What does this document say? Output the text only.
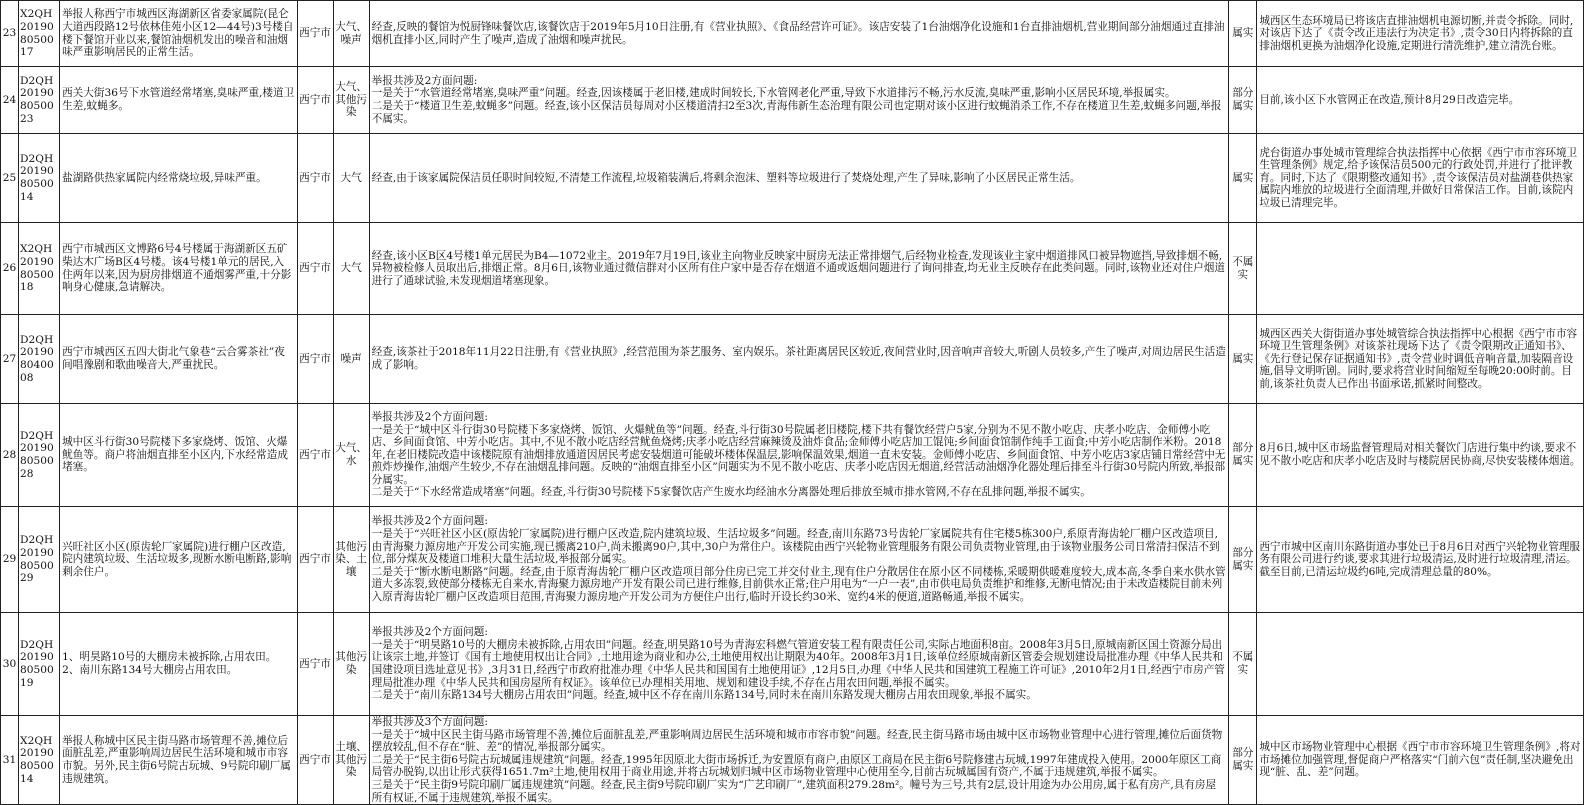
23	X2QH201908050017	举报人称西宁市城西区海湖新区省委家属院(昆仑大道西段路12号依林佳苑小区12—44号)3号楼自楼下餐馆开业以来,餐馆油烟机发出的噪音和油烟味严重影响居民的正常生活。	西宁市	大气、噪声	经查,反映的餐馆为悦厨锋味餐饮店,该餐饮店于2019年5月10日注册,有《营业执照》、《食品经营许可证》。该店安装了1台油烟净化设施和1台直排油烟机,营业期间部分油烟通过直排油烟机直排小区,同时产生了噪声,造成了油烟和噪声扰民。	属实	城西区生态环境局已将该店直排油烟机电源切断,并责令拆除。同时,对该店下达了《责令改正违法行为决定书》,责令30日内将拆除的直排油烟机更换为油烟净化设施,定期进行清洗维护,建立清洗台账。
24	D2QH201908050023	西关大街36号下水管道经常堵塞,臭味严重,楼道卫生差,蚊蝇多。	西宁市	大气、其他污染	举报共涉及2方面问题:
一是关于“水管道经常堵塞,臭味严重”问题。经查,因该楼属于老旧楼,建成时间较长,下水管网老化严重,导致下水道排污不畅,污水反流,臭味严重,影响小区居民环境,举报属实。
二是关于“楼道卫生差,蚊蝇多”问题。经查,该小区保洁员每周对小区楼道清扫2至3次,青海伟新生态治理有限公司也定期对该小区进行蚊蝇消杀工作,不存在楼道卫生差,蚊蝇多问题,举报不属实。	部分属实	目前,该小区下水管网正在改造,预计8月29日改造完毕。
25	D2QH201908050014	盐湖路供热家属院内经常烧垃圾,异味严重。	西宁市	大气	经查,由于该家属院保洁员任职时间较短,不清楚工作流程,垃圾箱装满后,将剩余泡沫、塑料等垃圾进行了焚烧处理,产生了异味,影响了小区居民正常生活。	属实	虎台街道办事处城市管理综合执法指挥中心依据《西宁市市容环境卫生管理条例》规定,给予该保洁员500元的行政处罚,并进行了批评教育。同时,下达了《限期整改通知书》,责令该保洁员对盐湖巷供热家属院内堆放的垃圾进行全面清理,并做好日常保洁工作。目前,该院内垃圾已清理完毕。
26	X2QH201908050018	西宁市城西区文博路6号4号楼属于海湖新区五矿柴达木广场B区4号楼。该4号楼1单元的居民,入住两年以来,因为厨房排烟道不通烟雾严重,十分影响身心健康,急请解决。	西宁市	大气	经查,该小区B区4号楼1单元居民为B4—1072业主。2019年7月19日,该业主向物业反映家中厨房无法正常排烟气,后经物业检查,发现该业主家中烟道排风口被异物遮挡,导致排烟不畅,异物被检修人员取出后,排烟正常。8月6日,该物业通过微信群对小区所有住户家中是否存在烟道不通或返烟问题进行了询问排查,均无业主反映存在此类问题。同时,该物业还对住户烟道进行了通球试验,未发现烟道堵塞现象。	不属实	
27	D2QH201908040008	西宁市城西区五四大街北气象巷“云合雾茶社”夜间唱豫剧和歌曲噪音大,严重扰民。	西宁市	噪声	经查,该茶社于2018年11月22日注册,有《营业执照》,经营范围为茶艺服务、室内娱乐。茶社距离居民区较近,夜间营业时,因音响声音较大,听剧人员较多,产生了噪声,对周边居民生活造成了影响。	属实	城西区西关大街街道办事处城管综合执法指挥中心根据《西宁市市容环境卫生管理条例》对该茶社现场下达了《责令限期改正通知书》、《先行登记保存证据通知书》,责令营业时调低音响音量,加装隔音设施,倡导文明听剧。同时,要求将营业时间缩短至每晚20:00时前。目前,该茶社负责人已作出书面承诺,抓紧时间整改。
28	D2QH201908050028	城中区斗行街30号院楼下多家烧烤、饭馆、火爆鱿鱼等。商户将油烟直排至小区内,下水经常造成堵塞。	西宁市	大气、水	举报共涉及2个方面问题:
一是关于“城中区斗行街30号院楼下多家烧烤、饭馆、火爆鱿鱼等”问题。经查,斗行街30号院属老旧楼院,楼下共有餐饮经营户5家,分别为不见不散小吃店、庆孝小吃店、金师傅小吃店、乡间面食馆、中芳小吃店。其中,不见不散小吃店经营鱿鱼烧烤;庆孝小吃店经营麻辣烫及油炸食品;金师傅小吃店加工馄饨;乡间面食馆制作纯手工面食;中芳小吃店制作米粉。2018年,在老旧楼院改造中该楼院原有油烟排放通道因居民考虑安装烟道可能破坏楼体保温层,影响保温效果,烟道一直未安装。金师傅小吃店、乡间面食馆、中芳小吃店3家店铺日常经营中无煎炸炒操作,油烟产生较少,不存在油烟乱排问题。反映的“油烟直排至小区”问题实为不见不散小吃店、庆孝小吃店因无烟道,经营活动油烟净化器处理后排至斗行街30号院内所致,举报部分属实。
二是关于“下水经常造成堵塞”问题。经查,斗行街30号院楼下5家餐饮店产生废水均经油水分离器处理后排放至城市排水管网,不存在乱排问题,举报不属实。	部分属实	8月6日,城中区市场监督管理局对相关餐饮门店进行集中约谈,要求不见不散小吃店和庆孝小吃店及时与楼院居民协商,尽快安装楼体烟道。
29	D2QH201908050029	兴旺社区小区(原齿轮厂家属院)进行棚户区改造,院内建筑垃圾、生活垃圾多,现断水断电断路,影响剩余住户。	西宁市	其他污染、土壤	举报共涉及2个方面问题:
一是关于“兴旺社区小区(原齿轮厂家属院)进行棚户区改造,院内建筑垃圾、生活垃圾多”问题。经查,南川东路73号齿轮厂家属院共有住宅楼5栋300户,系原青海齿轮厂棚户区改造项目,由青海聚力源房地产开发公司实施,现已搬离210户,尚未搬离90户,其中,30户为常住户。该楼院由西宁兴轮物业管理服务有限公司负责物业管理,由于该物业服务公司日常清扫保洁不到位,部分煤灰及楼道口堆积大量生活垃圾,举报部分属实。
二是关于“断水断电断路”问题。经查,由于原青海齿轮厂棚户区改造项目部分住房已完工并交付业主,现有住户分散居住在原小区不同楼栋,采暖期供暖难度较大,成本高,冬季自来水供水管道大多冻裂,致使部分楼栋无自来水,青海聚力源房地产开发有限公司已进行维修,目前供水正常;住户用电为“一户一表”,由市供电局负责维护和维修,无断电情况;由于未改造楼院目前未列入原青海齿轮厂棚户区改造项目范围,青海聚力源房地产开发公司为方便住户出行,临时开设长约30米、宽约4米的便道,道路畅通,举报不属实。	部分属实	西宁市城中区南川东路街道办事处已于8月6日对西宁兴轮物业管理服务有限公司进行约谈,要求其进行垃圾清运,及时进行垃圾清理,清运。截至目前,已清运垃圾约6吨,完成清理总量的80%。
30	D2QH201908050019	1、明昊路10号的大棚房未被拆除,占用农田。
2、南川东路134号大棚房占用农田。	西宁市	其他污染	举报共涉及2个方面问题:
一是关于“明昊路10号的大棚房未被拆除,占用农田”问题。经查,明昊路10号为青海宏科燃气管道安装工程有限责任公司,实际占地面积8亩。2008年3月5日,原城南新区国土资源分局出让该宗土地,并签订《国有土地使用权出让合同》,土地用途为商业和办公,土地使用权出让期限为40年。2008年3月1日,该单位经原城南新区管委会规划建设局批准办理《中华人民共和国建设项目选址意见书》,3月31日,经西宁市政府批准办理《中华人民共和国国有土地使用证》,12月5日,办理《中华人民共和国建筑工程施工许可证》,2010年2月1日,经西宁市房产管理局批准办理《中华人民共和国房屋所有权证》。该单位已办理相关用地、规划和建设手续,不存在占用农田问题,举报不属实。
二是关于“南川东路134号大棚房占用农田”问题。经查,城中区不存在南川东路134号,同时未在南川东路发现大棚房占用农田现象,举报不属实。	不属实	
31	X2QH201908050014	举报人称城中区民主街马路市场管理不善,摊位后面脏乱差,严重影响周边居民生活环境和城市市容市貌。另外,民主街6号院古玩城、9号院印刷厂属违规建筑。	西宁市	土壤、其他污染	举报共涉及3个方面问题:
一是关于“城中区民主街马路市场管理不善,摊位后面脏乱差,严重影响周边居民生活环境和城市市容市貌”问题。经查,民主街马路市场由城中区市场物业管理中心进行管理,摊位后面货物摆放较乱,但不存在“脏、差”的情况,举报部分属实。
二是关于“民主街6号院古玩城属违规建筑”问题。经查,1995年因原北大街市场拆迁,为安置原有商户,由原区工商局在民主街6号院修建古玩城,1997年建成投入使用。2000年原区工商局管办脱钩,以出让形式获得1651.7m²土地,使用权用于商业用途,并将古玩城划归城中区市场物业管理中心使用至今,目前古玩城属国有资产,不属于违规建筑,举报不属实。
三是关于“民主街9号院印刷厂属违规建筑”问题。经查,民主街9号院印刷厂实为“广艺印刷厂”,建筑面积279.28m²。幢号为三号,共有2层,设计用途为办公用房,属于私有房产,具有房屋所有权证,不属于违规建筑,举报不属实。	部分属实	城中区市场物业管理中心根据《西宁市市容环境卫生管理条例》,将对市场摊位加强管理,督促商户严格落实“门前六包”责任制,坚决避免出现“脏、乱、差”问题。
